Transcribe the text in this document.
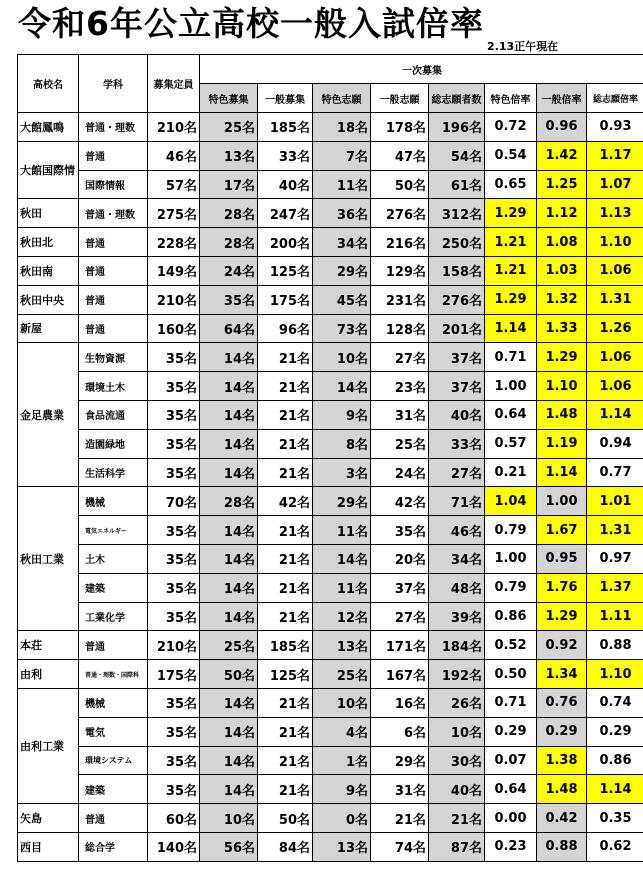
令和6年公立高校一般入試倍率
2.13正午現在
高校名	学科	募集定員	一次募集							
			特色募集	一般募集	特色志願	一般志願	総志願者数	特色倍率	一般倍率	総志願倍率
大館鳳鳴	普通・理数	210名	25名	185名	18名	178名	196名	0.72	0.96	0.93
大館国際情	普通	46名	13名	33名	7名	47名	54名	0.54	1.42	1.17
	国際情報	57名	17名	40名	11名	50名	61名	0.65	1.25	1.07
秋田	普通・理数	275名	28名	247名	36名	276名	312名	1.29	1.12	1.13
秋田北	普通	228名	28名	200名	34名	216名	250名	1.21	1.08	1.10
秋田南	普通	149名	24名	125名	29名	129名	158名	1.21	1.03	1.06
秋田中央	普通	210名	35名	175名	45名	231名	276名	1.29	1.32	1.31
新屋	普通	160名	64名	96名	73名	128名	201名	1.14	1.33	1.26
金足農業	生物資源	35名	14名	21名	10名	27名	37名	0.71	1.29	1.06
	環境土木	35名	14名	21名	14名	23名	37名	1.00	1.10	1.06
	食品流通	35名	14名	21名	9名	31名	40名	0.64	1.48	1.14
	造園緑地	35名	14名	21名	8名	25名	33名	0.57	1.19	0.94
	生活科学	35名	14名	21名	3名	24名	27名	0.21	1.14	0.77
秋田工業	機械	70名	28名	42名	29名	42名	71名	1.04	1.00	1.01
	電気エネルギー	35名	14名	21名	11名	35名	46名	0.79	1.67	1.31
	土木	35名	14名	21名	14名	20名	34名	1.00	0.95	0.97
	建築	35名	14名	21名	11名	37名	48名	0.79	1.76	1.37
	工業化学	35名	14名	21名	12名	27名	39名	0.86	1.29	1.11
本荘	普通	210名	25名	185名	13名	171名	184名	0.52	0.92	0.88
由利	普通・理数・国際科	175名	50名	125名	25名	167名	192名	0.50	1.34	1.10
由利工業	機械	35名	14名	21名	10名	16名	26名	0.71	0.76	0.74
	電気	35名	14名	21名	4名	6名	10名	0.29	0.29	0.29
	環境システム	35名	14名	21名	1名	29名	30名	0.07	1.38	0.86
	建築	35名	14名	21名	9名	31名	40名	0.64	1.48	1.14
矢島	普通	60名	10名	50名	0名	21名	21名	0.00	0.42	0.35
西目	総合学	140名	56名	84名	13名	74名	87名	0.23	0.88	0.62
